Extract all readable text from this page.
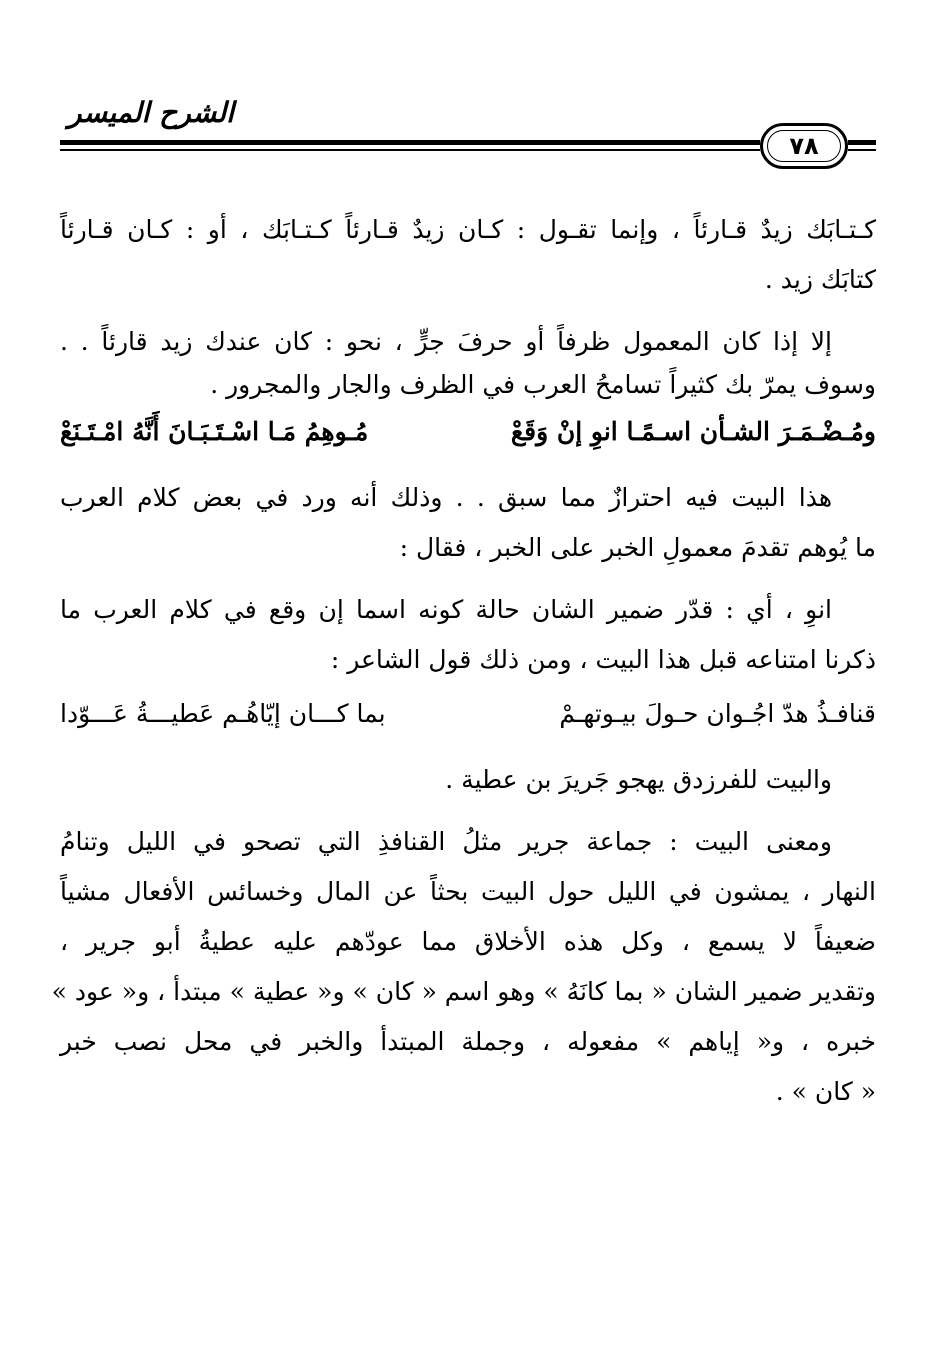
الشرح الميسر
٧٨
كـتـابَك زيدٌ قـارئاً ، وإنما تقـول : كـان زيدٌ قـارئاً كـتـابَك ، أو : كـان قـارئاً
كتابَك زيد .
إلا إذا كان المعمول ظرفاً أو حرفَ جرٍّ ، نحو : كان عندك زيد قارئاً . .
وسوف يمرّ بك كثيراً تسامحُ العرب في الظرف والجار والمجرور .
ومُـضْـمَـرَ الشـأن اسـمًـا انوِ إنْ وَقَعْ
مُـوهِمُ مَـا اسْـتَـبَـانَ أَنَّهُ امْـتَـنَعْ
هذا البيت فيه احترازٌ مما سبق . . وذلك أنه ورد في بعض كلام العرب
ما يُوهم تقدمَ معمولِ الخبر على الخبر ، فقال :
انوِ ، أي : قدّر ضمير الشان حالة كونه اسما إن وقع في كلام العرب ما
ذكرنا امتناعه قبل هذا البيت ، ومن ذلك قول الشاعر :
قنافـذُ هدّ اجُـوان حـولَ بيـوتهـمْ
بما كـــان إيّاهُـم عَطيـــةُ عَـــوّدا
والبيت للفرزدق يهجو جَريرَ بن عطية .
ومعنى البيت : جماعة جرير مثلُ القنافذِ التي تصحو في الليل وتنامُ
النهار ، يمشون في الليل حول البيت بحثاً عن المال وخسائس الأفعال مشياً
ضعيفاً لا يسمع ، وكل هذه الأخلاق مما عودّهم عليه عطيةُ أبو جرير ،
وتقدير ضمير الشان « بما كانَهُ » وهو اسم « كان » و« عطية » مبتدأ ، و« عود »
خبره ، و« إياهم » مفعوله ، وجملة المبتدأ والخبر في محل نصب خبر
« كان » .
